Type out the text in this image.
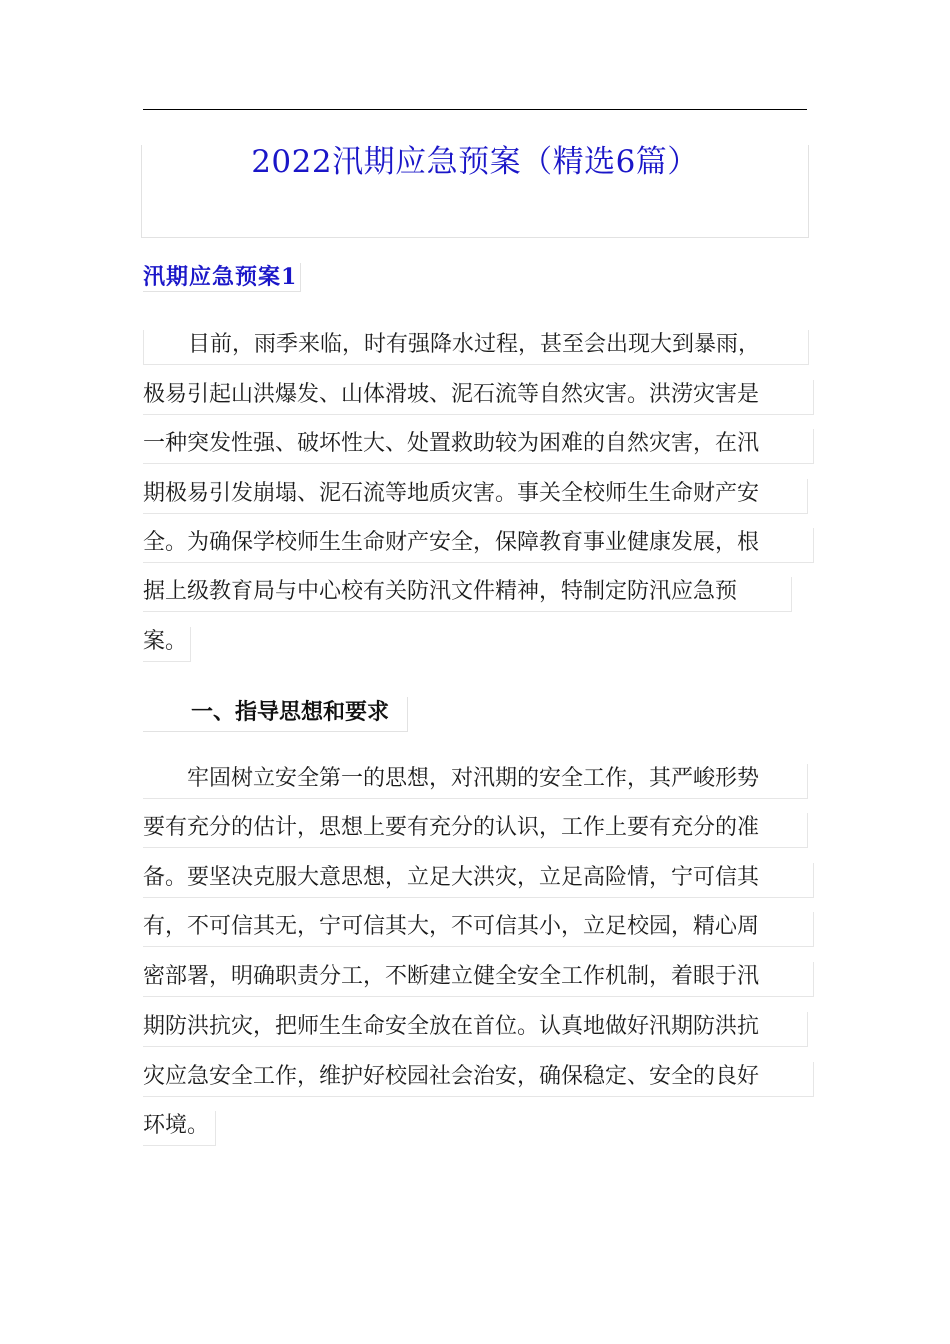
2022汛期应急预案（精选6篇）
汛期应急预案1
　　目前，雨季来临，时有强降水过程，甚至会出现大到暴雨，
极易引起山洪爆发、山体滑坡、泥石流等自然灾害。洪涝灾害是
一种突发性强、破坏性大、处置救助较为困难的自然灾害，在汛
期极易引发崩塌、泥石流等地质灾害。事关全校师生生命财产安
全。为确保学校师生生命财产安全，保障教育事业健康发展，根
据上级教育局与中心校有关防汛文件精神，特制定防汛应急预
案。
一、指导思想和要求
　　牢固树立安全第一的思想，对汛期的安全工作，其严峻形势
要有充分的估计，思想上要有充分的认识，工作上要有充分的准
备。要坚决克服大意思想，立足大洪灾，立足高险情，宁可信其
有，不可信其无，宁可信其大，不可信其小，立足校园，精心周
密部署，明确职责分工，不断建立健全安全工作机制，着眼于汛
期防洪抗灾，把师生生命安全放在首位。认真地做好汛期防洪抗
灾应急安全工作，维护好校园社会治安，确保稳定、安全的良好
环境。
